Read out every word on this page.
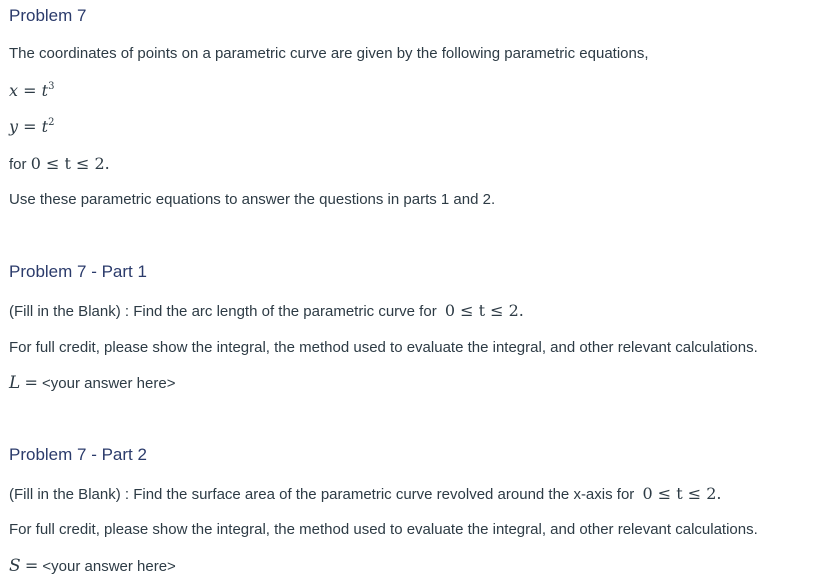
Problem 7
The coordinates of points on a parametric curve are given by the following parametric equations,
$x = t^3$
$y = t^2$
for 0 ≤ t ≤ 2.
Use these parametric equations to answer the questions in parts 1 and 2.
Problem 7 - Part 1
(Fill in the Blank) : Find the arc length of the parametric curve for 0 ≤ t ≤ 2.
For full credit, please show the integral, the method used to evaluate the integral, and other relevant calculations.
L = <your answer here>
Problem 7 - Part 2
(Fill in the Blank) : Find the surface area of the parametric curve revolved around the x-axis for 0 ≤ t ≤ 2.
For full credit, please show the integral, the method used to evaluate the integral, and other relevant calculations.
S = <your answer here>
